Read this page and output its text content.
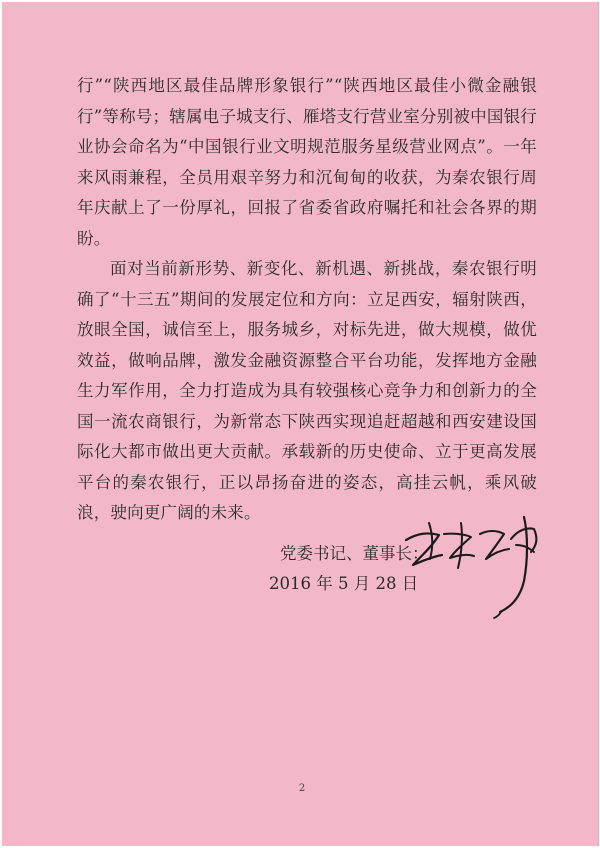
行”“陕西地区最佳品牌形象银行”“陕西地区最佳小微金融银行”等称号；辖属电子城支行、雁塔支行营业室分别被中国银行业协会命名为“中国银行业文明规范服务星级营业网点”。一年来风雨兼程，全员用艰辛努力和沉甸甸的收获，为秦农银行周年庆献上了一份厚礼，回报了省委省政府嘱托和社会各界的期盼。

面对当前新形势、新变化、新机遇、新挑战，秦农银行明确了“十三五”期间的发展定位和方向：立足西安，辐射陕西，放眼全国，诚信至上，服务城乡，对标先进，做大规模，做优效益，做响品牌，激发金融资源整合平台功能，发挥地方金融生力军作用，全力打造成为具有较强核心竞争力和创新力的全国一流农商银行，为新常态下陕西实现追赶超越和西安建设国际化大都市做出更大贡献。承载新的历史使命、立于更高发展平台的秦农银行，正以昂扬奋进的姿态，高挂云帆，乘风破浪，驶向更广阔的未来。

党委书记、董事长：
2016 年 5 月 28 日
2
